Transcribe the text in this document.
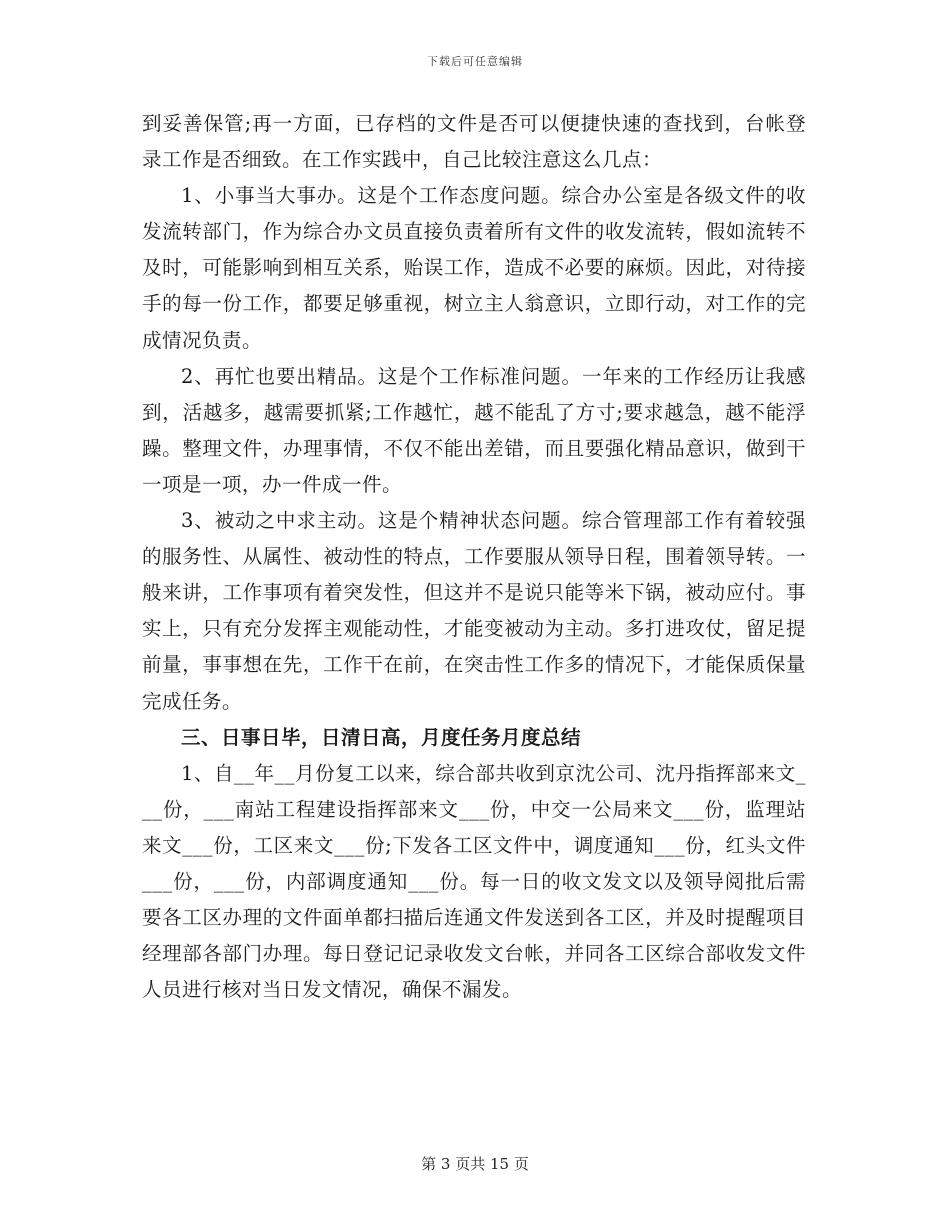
下载后可任意编辑

到妥善保管;再一方面，已存档的文件是否可以便捷快速的查找到，台帐登录工作是否细致。在工作实践中，自己比较注意这么几点：

1、小事当大事办。这是个工作态度问题。综合办公室是各级文件的收发流转部门，作为综合办文员直接负责着所有文件的收发流转，假如流转不及时，可能影响到相互关系，贻误工作，造成不必要的麻烦。因此，对待接手的每一份工作，都要足够重视，树立主人翁意识，立即行动，对工作的完成情况负责。

2、再忙也要出精品。这是个工作标准问题。一年来的工作经历让我感到，活越多，越需要抓紧;工作越忙，越不能乱了方寸;要求越急，越不能浮躁。整理文件，办理事情，不仅不能出差错，而且要强化精品意识，做到干一项是一项，办一件成一件。

3、被动之中求主动。这是个精神状态问题。综合管理部工作有着较强的服务性、从属性、被动性的特点，工作要服从领导日程，围着领导转。一般来讲，工作事项有着突发性，但这并不是说只能等米下锅，被动应付。事实上，只有充分发挥主观能动性，才能变被动为主动。多打进攻仗，留足提前量，事事想在先，工作干在前，在突击性工作多的情况下，才能保质保量完成任务。

三、日事日毕，日清日高，月度任务月度总结

1、自__年__月份复工以来，综合部共收到京沈公司、沈丹指挥部来文___份，___南站工程建设指挥部来文___份，中交一公局来文___份，监理站来文___份，工区来文___份;下发各工区文件中，调度通知___份，红头文件___份，___份，内部调度通知___份。每一日的收文发文以及领导阅批后需要各工区办理的文件面单都扫描后连通文件发送到各工区，并及时提醒项目经理部各部门办理。每日登记记录收发文台帐，并同各工区综合部收发文件人员进行核对当日发文情况，确保不漏发。

第 3 页共 15 页
